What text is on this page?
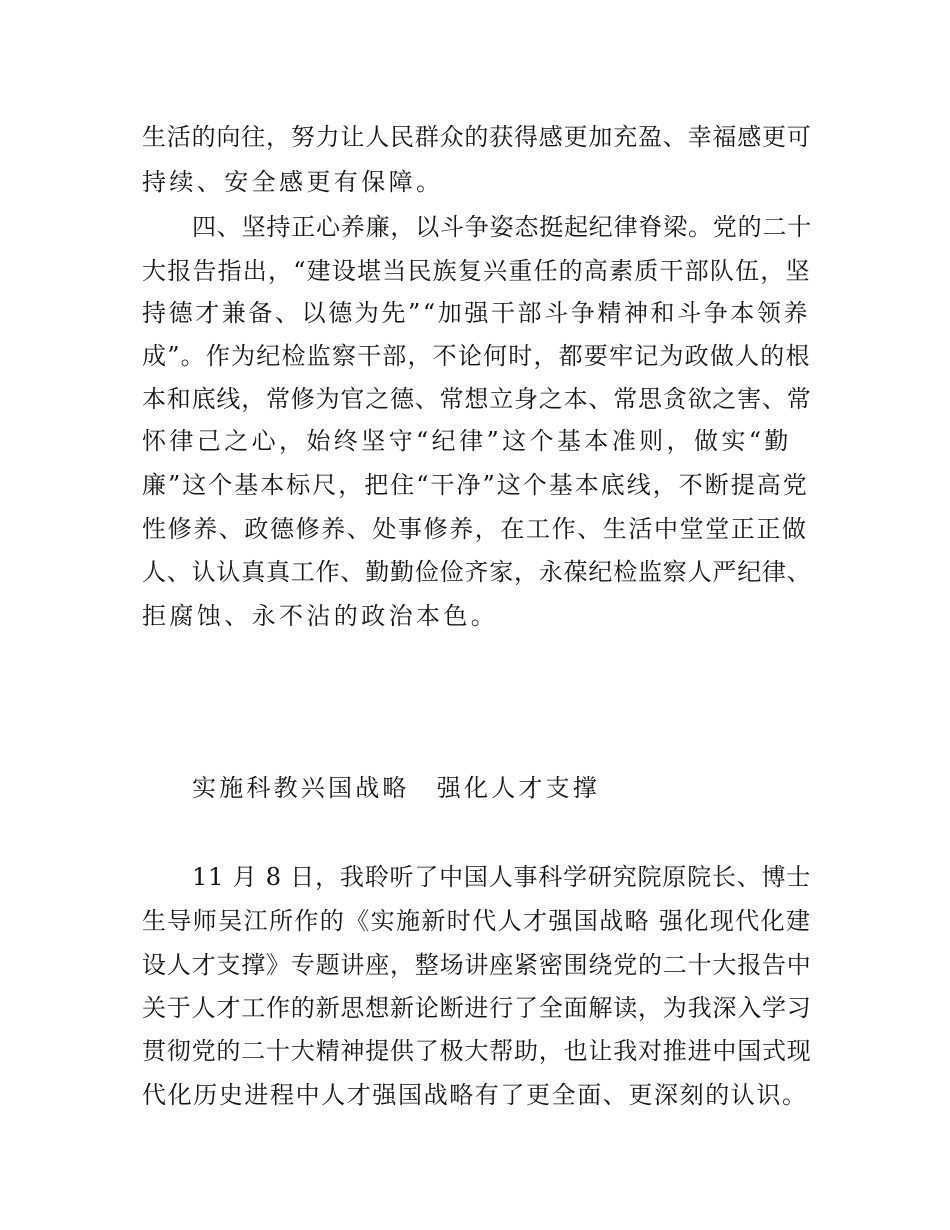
生活的向往，努力让人民群众的获得感更加充盈、幸福感更可
持续、安全感更有保障。
四、坚持正心养廉，以斗争姿态挺起纪律脊梁。党的二十
大报告指出，“建设堪当民族复兴重任的高素质干部队伍，坚
持德才兼备、以德为先”“加强干部斗争精神和斗争本领养
成”。作为纪检监察干部，不论何时，都要牢记为政做人的根
本和底线，常修为官之德、常想立身之本、常思贪欲之害、常
怀律己之心，始终坚守“纪律”这个基本准则，做实“勤
廉”这个基本标尺，把住“干净”这个基本底线，不断提高党
性修养、政德修养、处事修养，在工作、生活中堂堂正正做
人、认认真真工作、勤勤俭俭齐家，永葆纪检监察人严纪律、
拒腐蚀、永不沾的政治本色。
实施科教兴国战略　强化人才支撑
11 月 8 日，我聆听了中国人事科学研究院原院长、博士
生导师吴江所作的《实施新时代人才强国战略 强化现代化建
设人才支撑》专题讲座，整场讲座紧密围绕党的二十大报告中
关于人才工作的新思想新论断进行了全面解读，为我深入学习
贯彻党的二十大精神提供了极大帮助，也让我对推进中国式现
代化历史进程中人才强国战略有了更全面、更深刻的认识。
